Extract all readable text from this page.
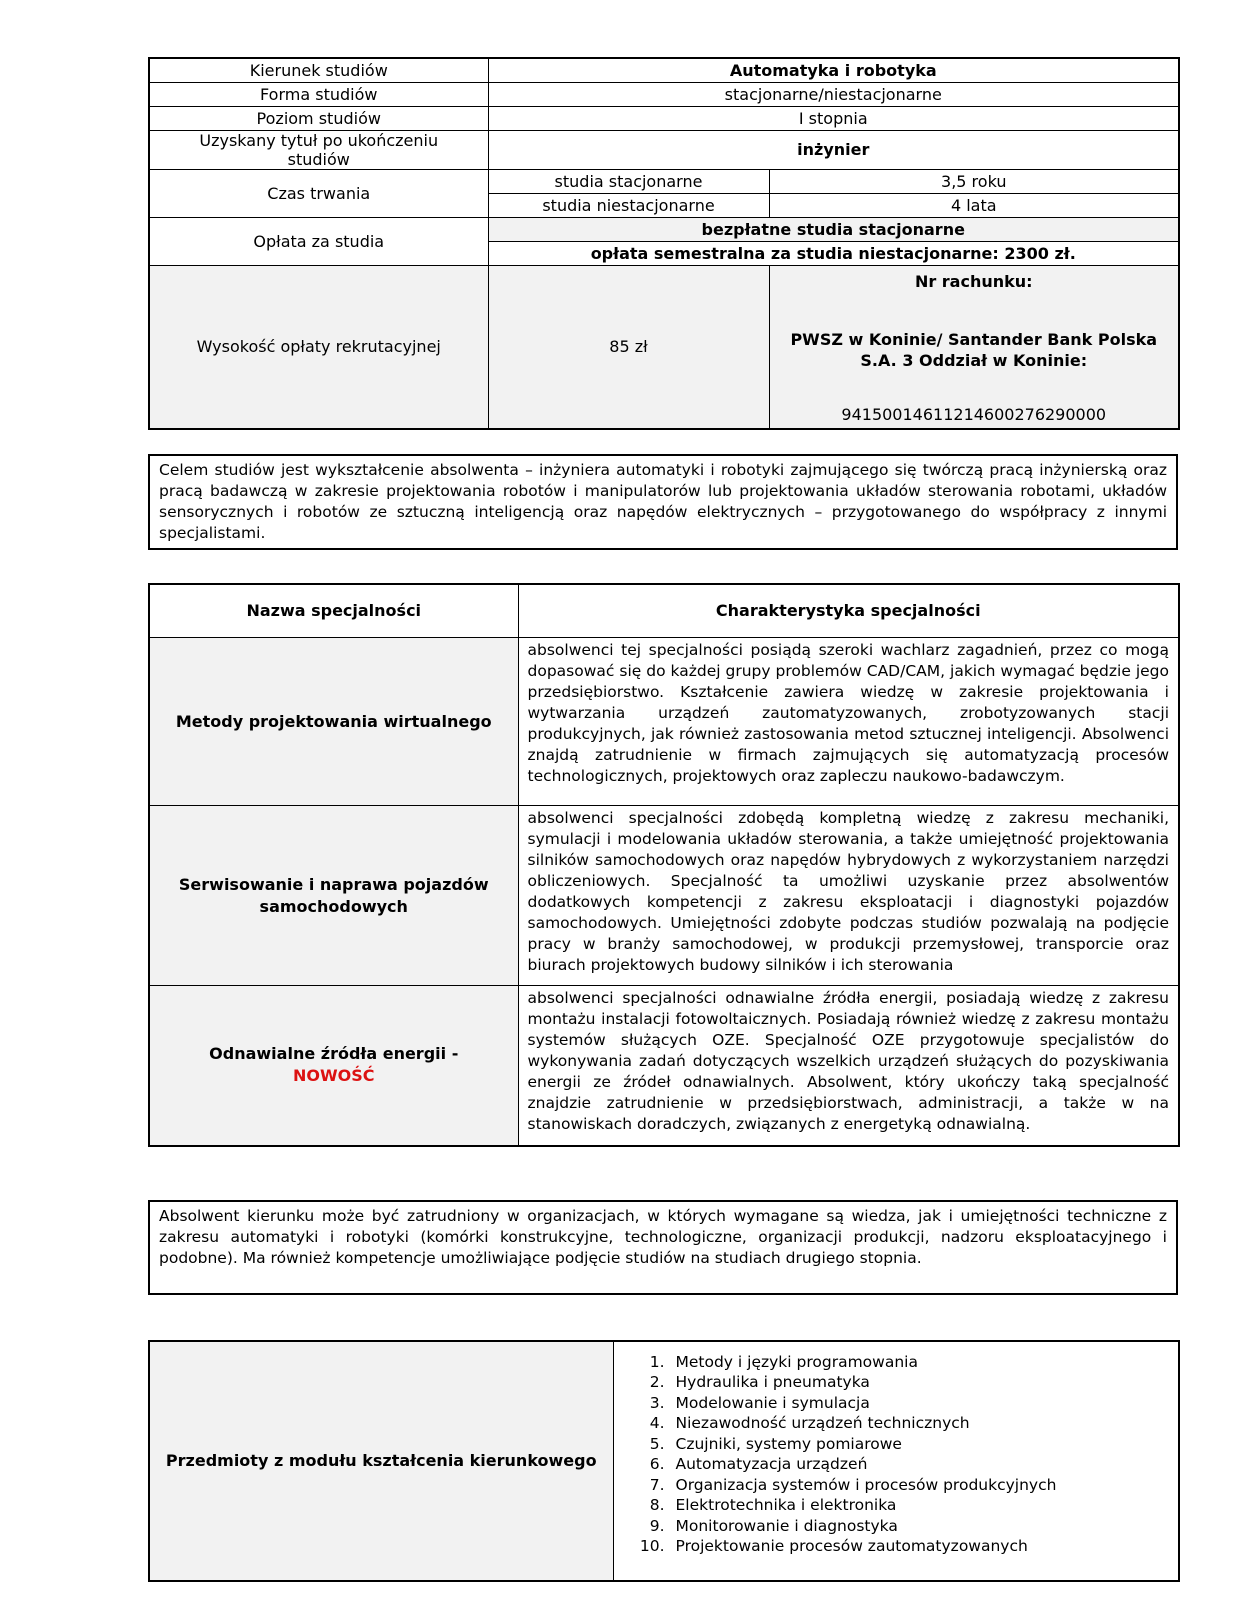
Kierunek studiów	Automatyka i robotyka	
Forma studiów	stacjonarne/niestacjonarne	
Poziom studiów	I stopnia	
Uzyskany tytuł po ukończeniu studiów	inżynier	
Czas trwania	studia stacjonarne	3,5 roku
	studia niestacjonarne	4 lata
Opłata za studia	bezpłatne studia stacjonarne	
	opłata semestralna za studia niestacjonarne: 2300 zł.	
Wysokość opłaty rekrutacyjnej	85 zł	Nr rachunku:
PWSZ w Koninie/ Santander Bank Polska S.A. 3 Oddział w Koninie:
94150014611214600276290000
Celem studiów jest wykształcenie absolwenta – inżyniera automatyki i robotyki zajmującego się twórczą pracą inżynierską oraz pracą badawczą w zakresie projektowania robotów i manipulatorów lub projektowania układów sterowania robotami, układów sensorycznych i robotów ze sztuczną inteligencją oraz napędów elektrycznych – przygotowanego do współpracy z innymi specjalistami.
Nazwa specjalności	Charakterystyka specjalności
Metody projektowania wirtualnego	absolwenci tej specjalności posiądą szeroki wachlarz zagadnień, przez co mogą dopasować się do każdej grupy problemów CAD/CAM, jakich wymagać będzie jego przedsiębiorstwo. Kształcenie zawiera wiedzę w zakresie projektowania i wytwarzania urządzeń zautomatyzowanych, zrobotyzowanych stacji produkcyjnych, jak również zastosowania metod sztucznej inteligencji. Absolwenci znajdą zatrudnienie w firmach zajmujących się automatyzacją procesów technologicznych, projektowych oraz zapleczu naukowo-badawczym.
Serwisowanie i naprawa pojazdów samochodowych	absolwenci specjalności zdobędą kompletną wiedzę z zakresu mechaniki, symulacji i modelowania układów sterowania, a także umiejętność projektowania silników samochodowych oraz napędów hybrydowych z wykorzystaniem narzędzi obliczeniowych. Specjalność ta umożliwi uzyskanie przez absolwentów dodatkowych kompetencji z zakresu eksploatacji i diagnostyki pojazdów samochodowych. Umiejętności zdobyte podczas studiów pozwalają na podjęcie pracy w branży samochodowej, w produkcji przemysłowej, transporcie oraz biurach projektowych budowy silników i ich sterowania
Odnawialne źródła energii -
NOWOŚĆ	absolwenci specjalności odnawialne źródła energii, posiadają wiedzę z zakresu montażu instalacji fotowoltaicznych. Posiadają również wiedzę z zakresu montażu systemów służących OZE. Specjalność OZE przygotowuje specjalistów do wykonywania zadań dotyczących wszelkich urządzeń służących do pozyskiwania energii ze źródeł odnawialnych. Absolwent, który ukończy taką specjalność znajdzie zatrudnienie w przedsiębiorstwach, administracji, a także w na stanowiskach doradczych, związanych z energetyką odnawialną.
Absolwent kierunku może być zatrudniony w organizacjach, w których wymagane są wiedza, jak i umiejętności techniczne z zakresu automatyki i robotyki (komórki konstrukcyjne, technologiczne, organizacji produkcji, nadzoru eksploatacyjnego i podobne). Ma również kompetencje umożliwiające podjęcie studiów na studiach drugiego stopnia.
Przedmioty z modułu kształcenia kierunkowego	
1. Metody i języki programowania
2. Hydraulika i pneumatyka
3. Modelowanie i symulacja
4. Niezawodność urządzeń technicznych
5. Czujniki, systemy pomiarowe
6. Automatyzacja urządzeń
7. Organizacja systemów i procesów produkcyjnych
8. Elektrotechnika i elektronika
9. Monitorowanie i diagnostyka
10. Projektowanie procesów zautomatyzowanych
